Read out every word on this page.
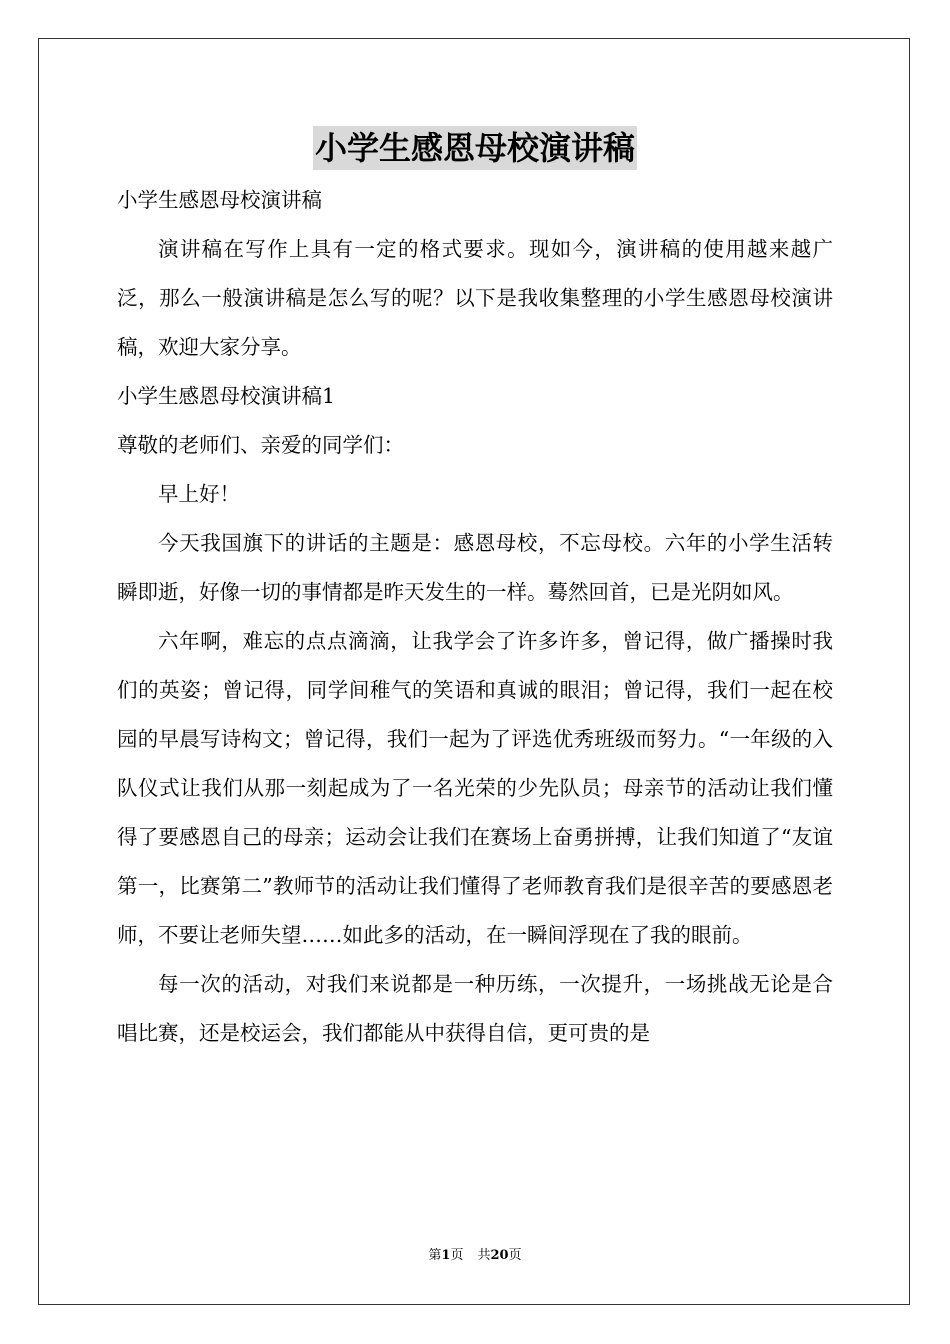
小学生感恩母校演讲稿

小学生感恩母校演讲稿

演讲稿在写作上具有一定的格式要求。现如今，演讲稿的使用越来越广泛，那么一般演讲稿是怎么写的呢？以下是我收集整理的小学生感恩母校演讲稿，欢迎大家分享。

小学生感恩母校演讲稿1

尊敬的老师们、亲爱的同学们：

早上好！

今天我国旗下的讲话的主题是：感恩母校，不忘母校。六年的小学生活转瞬即逝，好像一切的事情都是昨天发生的一样。蓦然回首，已是光阴如风。

六年啊，难忘的点点滴滴，让我学会了许多许多，曾记得，做广播操时我们的英姿；曾记得，同学间稚气的笑语和真诚的眼泪；曾记得，我们一起在校园的早晨写诗构文；曾记得，我们一起为了评选优秀班级而努力。“一年级的入队仪式让我们从那一刻起成为了一名光荣的少先队员；母亲节的活动让我们懂得了要感恩自己的母亲；运动会让我们在赛场上奋勇拼搏，让我们知道了“友谊第一，比赛第二”教师节的活动让我们懂得了老师教育我们是很辛苦的要感恩老师，不要让老师失望……如此多的活动，在一瞬间浮现在了我的眼前。

每一次的活动，对我们来说都是一种历练，一次提升，一场挑战无论是合唱比赛，还是校运会，我们都能从中获得自信，更可贵的是

第1页 共20页
